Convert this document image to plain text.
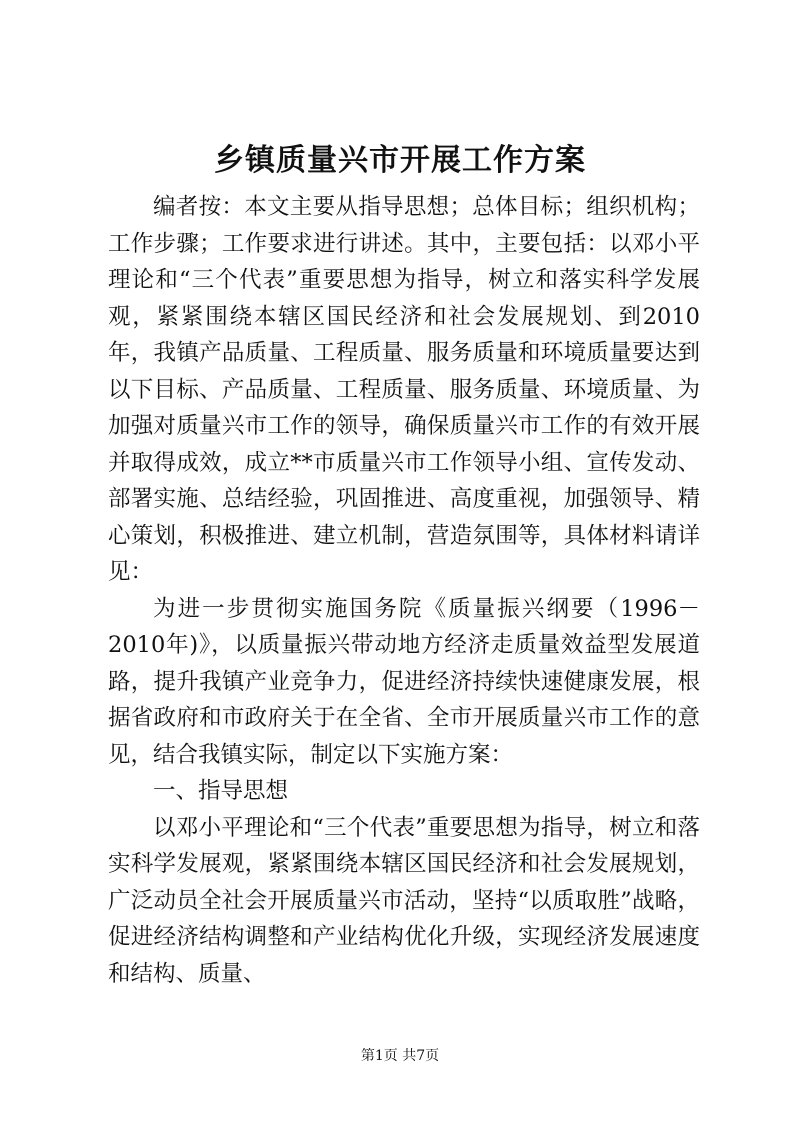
乡镇质量兴市开展工作方案

编者按：本文主要从指导思想；总体目标；组织机构；工作步骤；工作要求进行讲述。其中，主要包括：以邓小平理论和“三个代表”重要思想为指导，树立和落实科学发展观，紧紧围绕本辖区国民经济和社会发展规划、到2010年，我镇产品质量、工程质量、服务质量和环境质量要达到以下目标、产品质量、工程质量、服务质量、环境质量、为加强对质量兴市工作的领导，确保质量兴市工作的有效开展并取得成效，成立**市质量兴市工作领导小组、宣传发动、部署实施、总结经验，巩固推进、高度重视，加强领导、精心策划，积极推进、建立机制，营造氛围等，具体材料请详见：

为进一步贯彻实施国务院《质量振兴纲要（1996－2010年)》，以质量振兴带动地方经济走质量效益型发展道路，提升我镇产业竞争力，促进经济持续快速健康发展，根据省政府和市政府关于在全省、全市开展质量兴市工作的意见，结合我镇实际，制定以下实施方案：

一、指导思想

以邓小平理论和“三个代表”重要思想为指导，树立和落实科学发展观，紧紧围绕本辖区国民经济和社会发展规划，广泛动员全社会开展质量兴市活动，坚持“以质取胜”战略，促进经济结构调整和产业结构优化升级，实现经济发展速度和结构、质量、

第1页 共7页
